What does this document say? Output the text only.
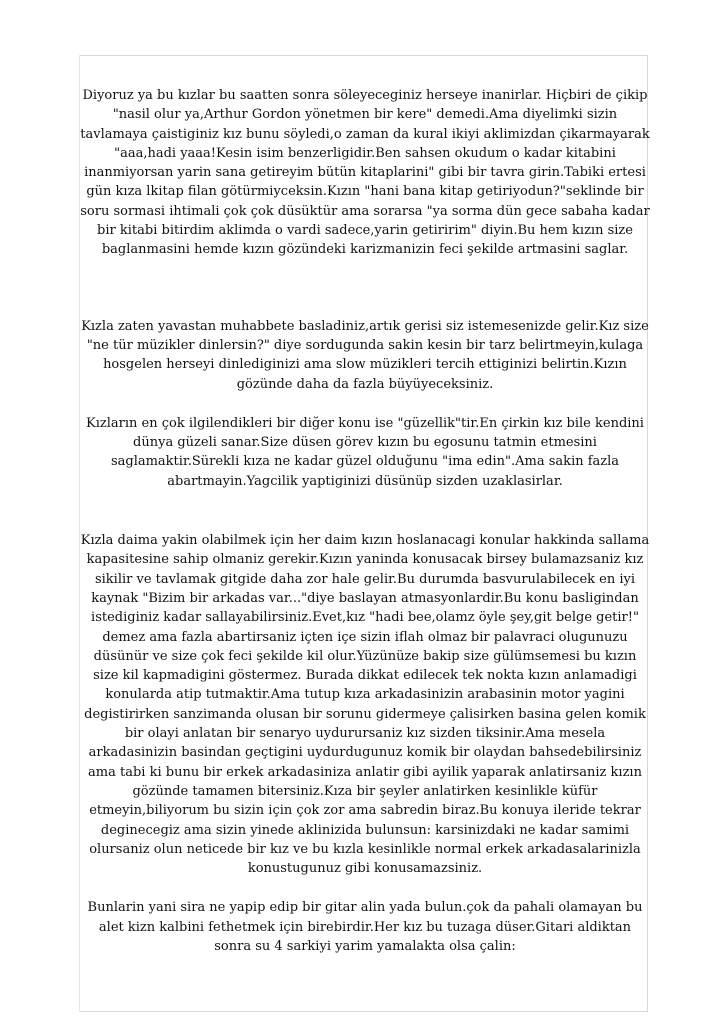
Diyoruz ya bu kızlar bu saatten sonra söleyeceginiz herseye inanirlar. Hiçbiri de çikip "nasil olur ya,Arthur Gordon yönetmen bir kere" demedi.Ama diyelimki sizin tavlamaya çaistiginiz kız bunu söyledi,o zaman da kural ikiyi aklimizdan çikarmayarak "aaa,hadi yaaa!Kesin isim benzerligidir.Ben sahsen okudum o kadar kitabini inanmiyorsan yarin sana getireyim bütün kitaplarini" gibi bir tavra girin.Tabiki ertesi gün kıza lkitap filan götürmiyceksin.Kızın "hani bana kitap getiriyodun?"seklinde bir soru sormasi ihtimali çok çok düsüktür ama sorarsa "ya sorma dün gece sabaha kadar bir kitabi bitirdim aklimda o vardi sadece,yarin getiririm" diyin.Bu hem kızın size baglanmasini hemde kızın gözündeki karizmanizin feci şekilde artmasini saglar.

Kızla zaten yavastan muhabbete basladiniz,artık gerisi siz istemesenizde gelir.Kız size "ne tür müzikler dinlersin?" diye sordugunda sakin kesin bir tarz belirtmeyin,kulaga hosgelen herseyi dinlediginizi ama slow müzikleri tercih ettiginizi belirtin.Kızın gözünde daha da fazla büyüyeceksiniz.

Kızların en çok ilgilendikleri bir diğer konu ise "güzellik"tir.En çirkin kız bile kendini dünya güzeli sanar.Size düsen görev kızın bu egosunu tatmin etmesini saglamaktir.Sürekli kıza ne kadar güzel olduğunu "ima edin".Ama sakin fazla abartmayin.Yagcilik yaptiginizi düsünüp sizden uzaklasirlar.

Kızla daima yakin olabilmek için her daim kızın hoslanacagi konular hakkinda sallama kapasitesine sahip olmaniz gerekir.Kızın yaninda konusacak birsey bulamazsaniz kız sikilir ve tavlamak gitgide daha zor hale gelir.Bu durumda basvurulabilecek en iyi kaynak "Bizim bir arkadas var..."diye baslayan atmasyonlardir.Bu konu basligindan istediginiz kadar sallayabilirsiniz.Evet,kız "hadi bee,olamz öyle şey,git belge getir!" demez ama fazla abartirsaniz içten içe sizin iflah olmaz bir palavraci olugunuzu düsünür ve size çok feci şekilde kil olur.Yüzünüze bakip size gülümsemesi bu kızın size kil kapmadigini göstermez. Burada dikkat edilecek tek nokta kızın anlamadigi konularda atip tutmaktir.Ama tutup kıza arkadasinizin arabasinin motor yagini degistirirken sanzimanda olusan bir sorunu gidermeye çalisirken basina gelen komik bir olayi anlatan bir senaryo uydurursaniz kız sizden tiksinir.Ama mesela arkadasinizin basindan geçtigini uydurdugunuz komik bir olaydan bahsedebilirsiniz ama tabi ki bunu bir erkek arkadasiniza anlatir gibi ayilik yaparak anlatirsaniz kızın gözünde tamamen bitersiniz.Kıza bir şeyler anlatirken kesinlikle küfür etmeyin,biliyorum bu sizin için çok zor ama sabredin biraz.Bu konuya ileride tekrar deginecegiz ama sizin yinede aklinizida bulunsun: karsinizdaki ne kadar samimi olursaniz olun neticede bir kız ve bu kızla kesinlikle normal erkek arkadasalarinizla konustugunuz gibi konusamazsiniz.

Bunlarin yani sira ne yapip edip bir gitar alin yada bulun.çok da pahali olamayan bu alet kizn kalbini fethetmek için birebirdir.Her kız bu tuzaga düser.Gitari aldiktan sonra su 4 sarkiyi yarim yamalakta olsa çalin:
